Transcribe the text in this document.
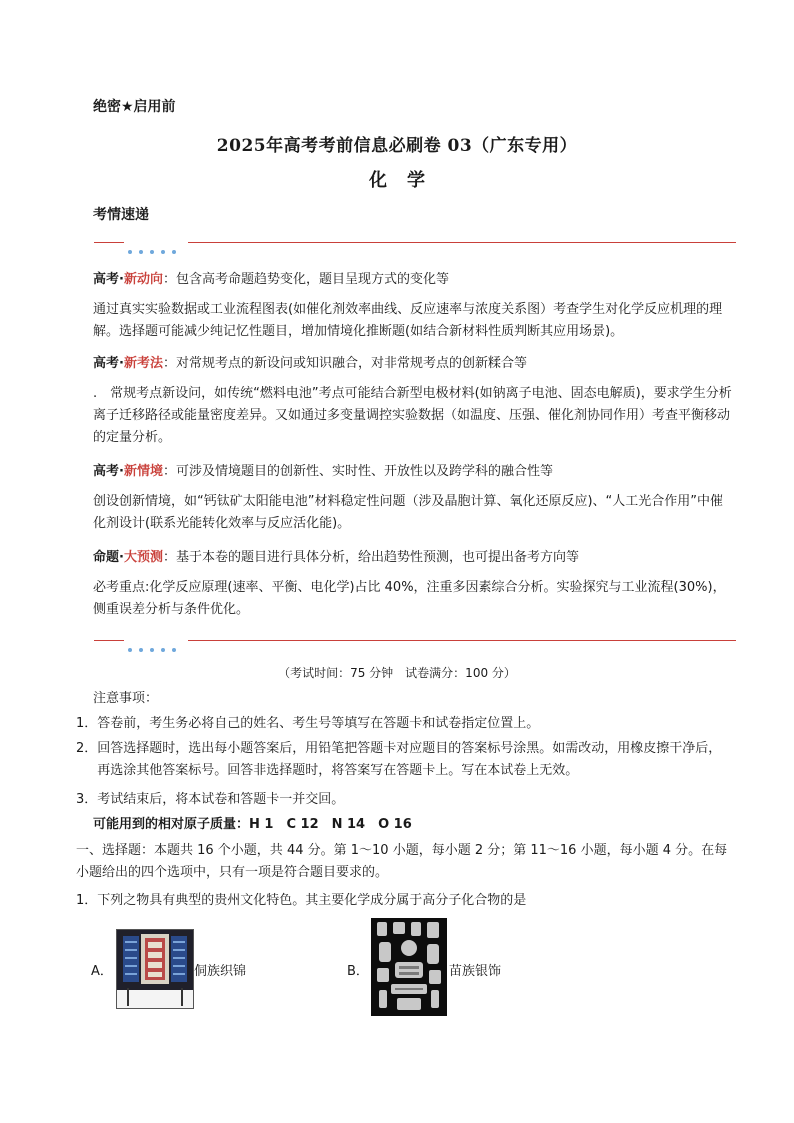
绝密★启用前
2025年高考考前信息必刷卷 03（广东专用）
化 学
考情速递
高考·新动向：包含高考命题趋势变化，题目呈现方式的变化等
通过真实实验数据或工业流程图表(如催化剂效率曲线、反应速率与浓度关系图）考查学生对化学反应机理的理解。选择题可能减少纯记忆性题目，增加情境化推断题(如结合新材料性质判断其应用场景)。
高考·新考法：对常规考点的新设问或知识融合，对非常规考点的创新糅合等
.　常规考点新设问，如传统“燃料电池”考点可能结合新型电极材料(如钠离子电池、固态电解质)，要求学生分析离子迁移路径或能量密度差异。又如通过多变量调控实验数据（如温度、压强、催化剂协同作用）考查平衡移动的定量分析。
高考·新情境：可涉及情境题目的创新性、实时性、开放性以及跨学科的融合性等
创设创新情境，如“钙钛矿太阳能电池”材料稳定性问题（涉及晶胞计算、氧化还原反应)、“人工光合作用”中催化剂设计(联系光能转化效率与反应活化能)。
命题·大预测：基于本卷的题目进行具体分析，给出趋势性预测，也可提出备考方向等
必考重点:化学反应原理(速率、平衡、电化学)占比 40%，注重多因素综合分析。实验探究与工业流程(30%)，侧重误差分析与条件优化。
（考试时间：75 分钟　试卷满分：100 分）
注意事项：
1．答卷前，考生务必将自己的姓名、考生号等填写在答题卡和试卷指定位置上。
2． 回答选择题时，选出每小题答案后，用铅笔把答题卡对应题目的答案标号涂黑。如需改动，用橡皮擦干净后，再选涂其他答案标号。回答非选择题时，将答案写在答题卡上。写在本试卷上无效。
3．考试结束后，将本试卷和答题卡一并交回。
可能用到的相对原子质量：H 1　C 12　N 14　O 16
一、选择题：本题共 16 个小题，共 44 分。第 1～10 小题，每小题 2 分；第 11～16 小题，每小题 4 分。在每小题给出的四个选项中，只有一项是符合题目要求的。
1．下列之物具有典型的贵州文化特色。其主要化学成分属于高分子化合物的是
A．	侗族织锦	B．	苗族银饰
